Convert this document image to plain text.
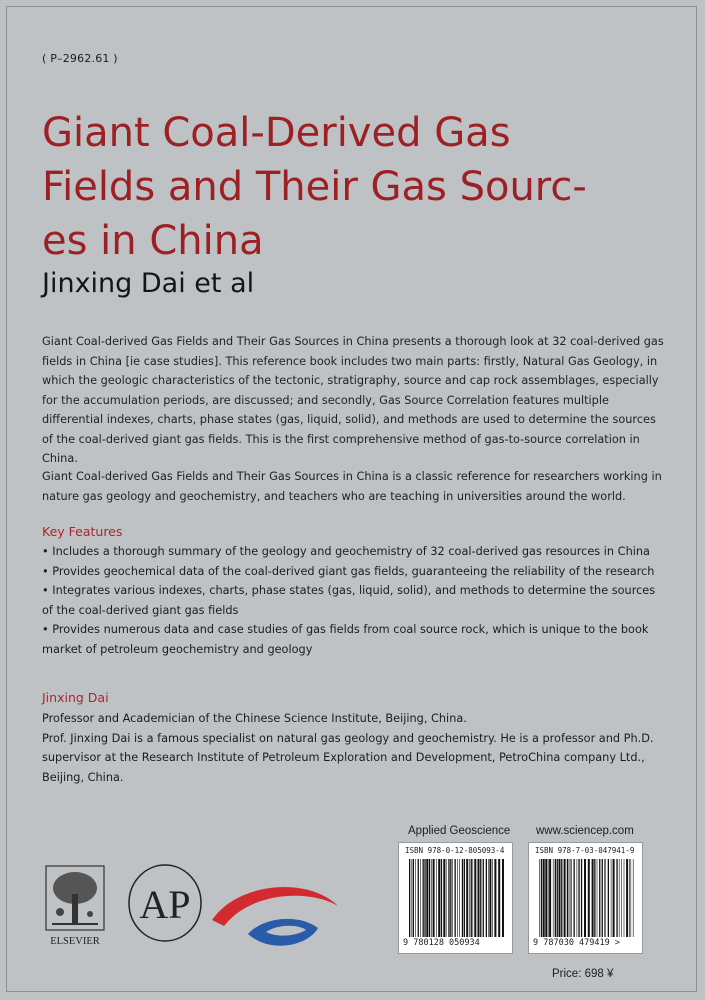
( P–2962.61 )
Giant Coal-Derived Gas
Fields and Their Gas Sourc-
es in China
Jinxing Dai et al
Giant Coal-derived Gas Fields and Their Gas Sources in China presents a thorough look at 32 coal-derived gas fields in China [ie case studies]. This reference book includes two main parts: firstly, Natural Gas Geology, in which the geologic characteristics of the tectonic, stratigraphy, source and cap rock assemblages, especially for the accumulation periods, are discussed; and secondly, Gas Source Correlation features multiple differential indexes, charts, phase states (gas, liquid, solid), and methods are used to determine the sources of the coal-derived giant gas fields. This is the first comprehensive method of gas-to-source correlation in China.
Giant Coal-derived Gas Fields and Their Gas Sources in China is a classic reference for researchers working in nature gas geology and geochemistry, and teachers who are teaching in universities around the world.
Key Features
• Includes a thorough summary of the geology and geochemistry of 32 coal-derived gas resources in China
• Provides geochemical data of the coal-derived giant gas fields, guaranteeing the reliability of the research
• Integrates various indexes, charts, phase states (gas, liquid, solid), and methods to determine the sources of the coal-derived giant gas fields
• Provides numerous data and case studies of gas fields from coal source rock, which is unique to the book market of petroleum geochemistry and geology
Jinxing Dai
Professor and Academician of the Chinese Science Institute, Beijing, China.
Prof. Jinxing Dai is a famous specialist on natural gas geology and geochemistry. He is a professor and Ph.D. supervisor at the Research Institute of Petroleum Exploration and Development, PetroChina company Ltd., Beijing, China.
Applied Geoscience www.sciencep.com
ISBN 978-0-12-805093-4
9 780128 050934
ISBN 978-7-03-047941-9
9 787030 479419 >
Price: 698 ¥
ELSEVIER
AP
